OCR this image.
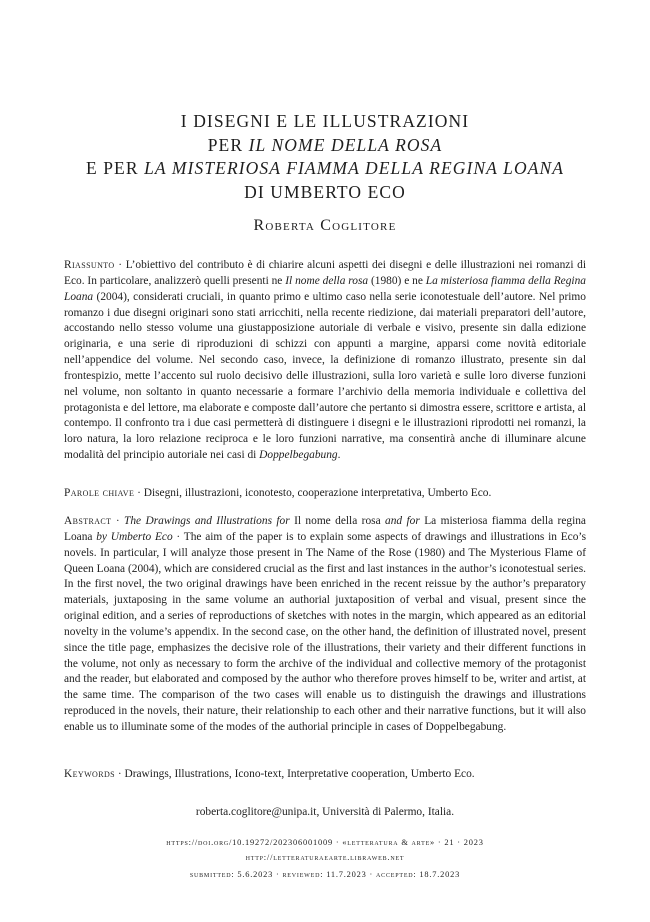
I DISEGNI E LE ILLUSTRAZIONI
PER IL NOME DELLA ROSA
E PER LA MISTERIOSA FIAMMA DELLA REGINA LOANA
DI UMBERTO ECO
Roberta Coglitore

Riassunto · L’obiettivo del contributo è di chiarire alcuni aspetti dei disegni e delle illustrazioni nei romanzi di Eco. In particolare, analizzerò quelli presenti ne Il nome della rosa (1980) e ne La misteriosa fiamma della Regina Loana (2004), considerati cruciali, in quanto primo e ultimo caso nella serie iconotestuale dell’autore. Nel primo romanzo i due disegni originari sono stati arricchiti, nella recente riedizione, dai materiali preparatori dell’autore, accostando nello stesso volume una giustapposizione autoriale di verbale e visivo, presente sin dalla edizione originaria, e una serie di riproduzioni di schizzi con appunti a margine, apparsi come novità editoriale nell’appendice del volume. Nel secondo caso, invece, la definizione di romanzo illustrato, presente sin dal frontespizio, mette l’accento sul ruolo decisivo delle illustrazioni, sulla loro varietà e sulle loro diverse funzioni nel volume, non soltanto in quanto necessarie a formare l’archivio della memoria individuale e collettiva del protagonista e del lettore, ma elaborate e composte dall’autore che pertanto si dimostra essere, scrittore e artista, al contempo. Il confronto tra i due casi permetterà di distinguere i disegni e le illustrazioni riprodotti nei romanzi, la loro natura, la loro relazione reciproca e le loro funzioni narrative, ma consentirà anche di illuminare alcune modalità del principio autoriale nei casi di Doppelbegabung.

Parole chiave · Disegni, illustrazioni, iconotesto, cooperazione interpretativa, Umberto Eco.

Abstract · The Drawings and Illustrations for Il nome della rosa and for La misteriosa fiamma della regina Loana by Umberto Eco · The aim of the paper is to explain some aspects of drawings and illustrations in Eco’s novels. In particular, I will analyze those present in The Name of the Rose (1980) and The Mysterious Flame of Queen Loana (2004), which are considered crucial as the first and last instances in the author’s iconotestual series. In the first novel, the two original drawings have been enriched in the recent reissue by the author’s preparatory materials, juxtaposing in the same volume an authorial juxtaposition of verbal and visual, present since the original edition, and a series of reproductions of sketches with notes in the margin, which appeared as an editorial novelty in the volume’s appendix. In the second case, on the other hand, the definition of illustrated novel, present since the title page, emphasizes the decisive role of the illustrations, their variety and their different functions in the volume, not only as necessary to form the archive of the individual and collective memory of the protagonist and the reader, but elaborated and composed by the author who therefore proves himself to be, writer and artist, at the same time. The comparison of the two cases will enable us to distinguish the drawings and illustrations reproduced in the novels, their nature, their relationship to each other and their narrative functions, but it will also enable us to illuminate some of the modes of the authorial principle in cases of Doppelbegabung.

Keywords · Drawings, Illustrations, Icono-text, Interpretative cooperation, Umberto Eco.

roberta.coglitore@unipa.it, Università di Palermo, Italia.
https://doi.org/10.19272/202306001009 · «letteratura & arte» · 21 · 2023
http://letteraturaearte.libraweb.net
submitted: 5.6.2023 · reviewed: 11.7.2023 · accepted: 18.7.2023
